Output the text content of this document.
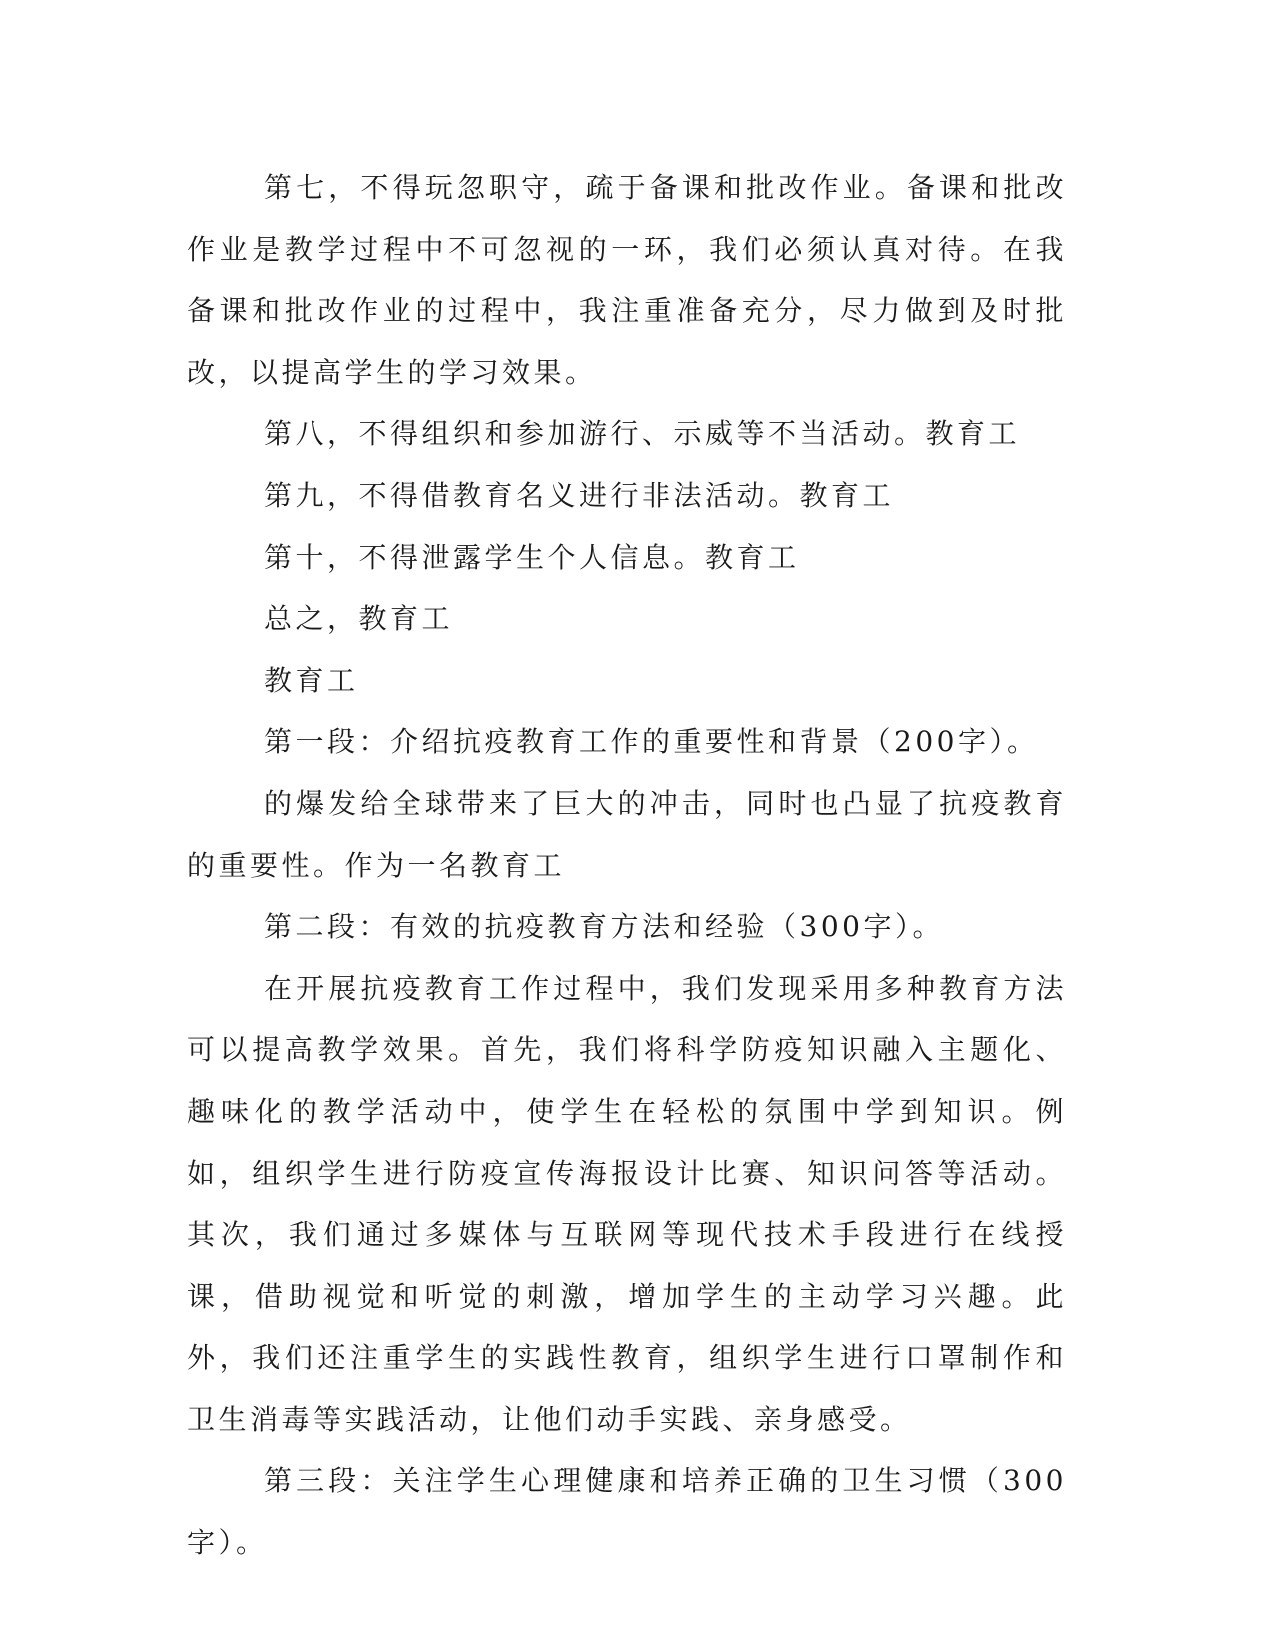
第七，不得玩忽职守，疏于备课和批改作业。备课和批改作业是教学过程中不可忽视的一环，我们必须认真对待。在我备课和批改作业的过程中，我注重准备充分，尽力做到及时批改，以提高学生的学习效果。

第八，不得组织和参加游行、示威等不当活动。教育工

第九，不得借教育名义进行非法活动。教育工

第十，不得泄露学生个人信息。教育工

总之，教育工

教育工

第一段：介绍抗疫教育工作的重要性和背景（200字）。

的爆发给全球带来了巨大的冲击，同时也凸显了抗疫教育的重要性。作为一名教育工

第二段：有效的抗疫教育方法和经验（300字）。

在开展抗疫教育工作过程中，我们发现采用多种教育方法可以提高教学效果。首先，我们将科学防疫知识融入主题化、趣味化的教学活动中，使学生在轻松的氛围中学到知识。例如，组织学生进行防疫宣传海报设计比赛、知识问答等活动。其次，我们通过多媒体与互联网等现代技术手段进行在线授课，借助视觉和听觉的刺激，增加学生的主动学习兴趣。此外，我们还注重学生的实践性教育，组织学生进行口罩制作和卫生消毒等实践活动，让他们动手实践、亲身感受。

第三段：关注学生心理健康和培养正确的卫生习惯（300字）。
